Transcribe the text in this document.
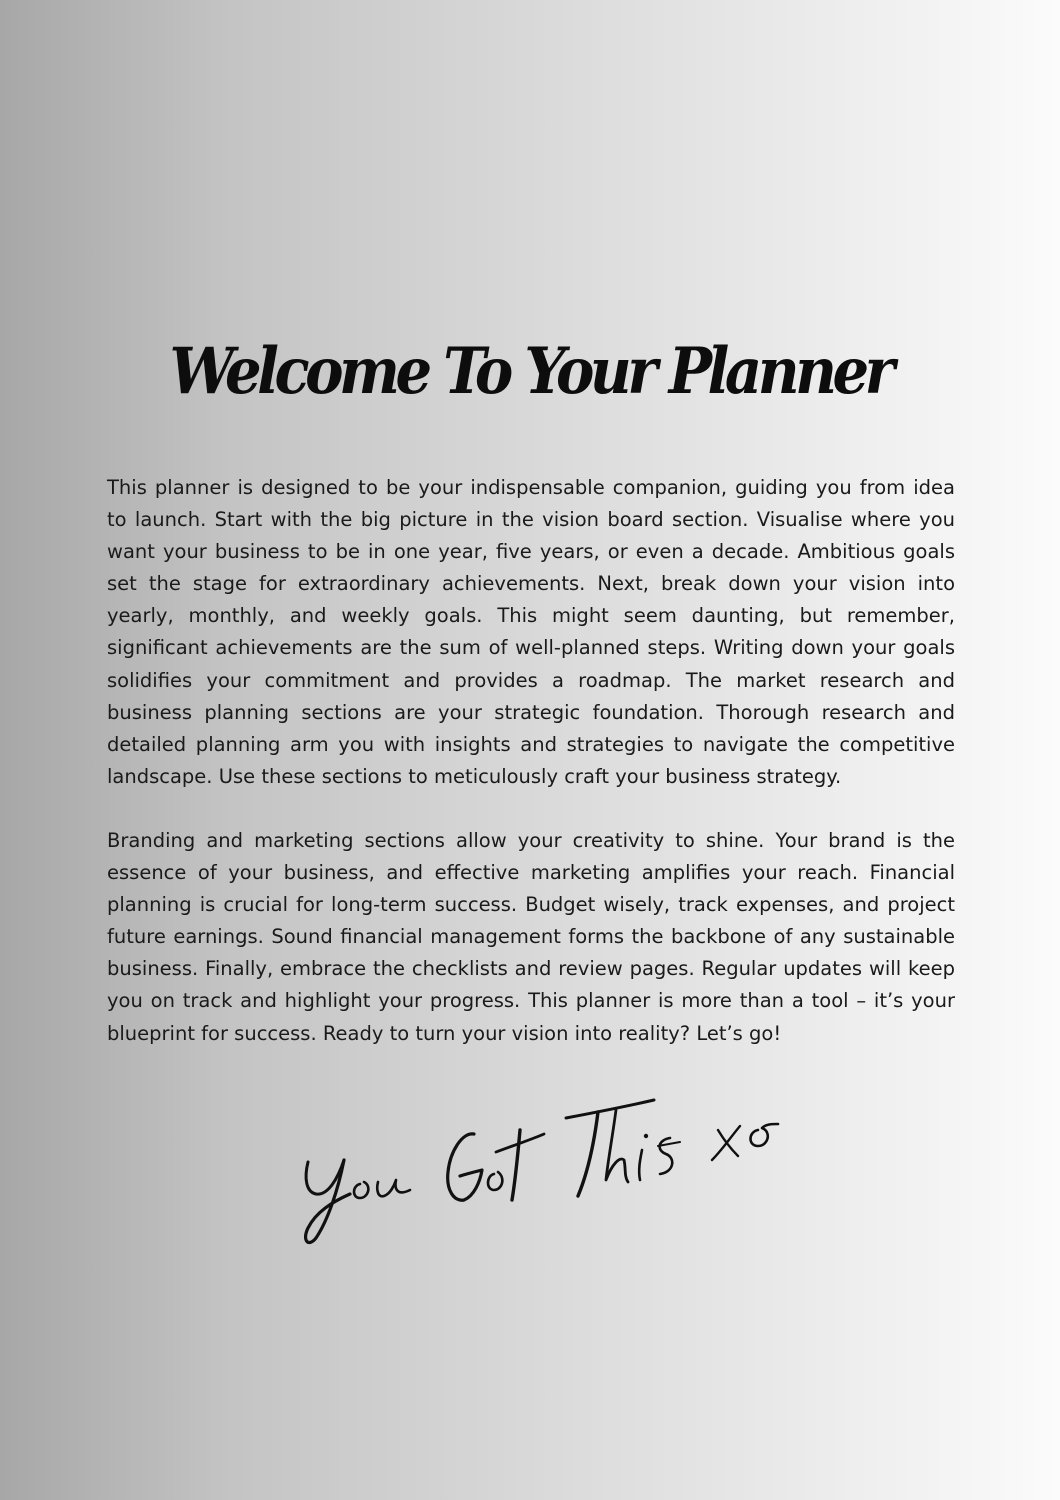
Welcome To Your Planner

This planner is designed to be your indispensable companion, guiding you from idea to launch. Start with the big picture in the vision board section. Visualise where you want your business to be in one year, five years, or even a decade. Ambitious goals set the stage for extraordinary achievements. Next, break down your vision into yearly, monthly, and weekly goals. This might seem daunting, but remember, significant achievements are the sum of well-planned steps. Writing down your goals solidifies your commitment and provides a roadmap. The market research and business planning sections are your strategic foundation. Thorough research and detailed planning arm you with insights and strategies to navigate the competitive landscape. Use these sections to meticulously craft your business strategy.

Branding and marketing sections allow your creativity to shine. Your brand is the essence of your business, and effective marketing amplifies your reach. Financial planning is crucial for long-term success. Budget wisely, track expenses, and project future earnings. Sound financial management forms the backbone of any sustainable business. Finally, embrace the checklists and review pages. Regular updates will keep you on track and highlight your progress. This planner is more than a tool – it’s your blueprint for success. Ready to turn your vision into reality? Let’s go!
